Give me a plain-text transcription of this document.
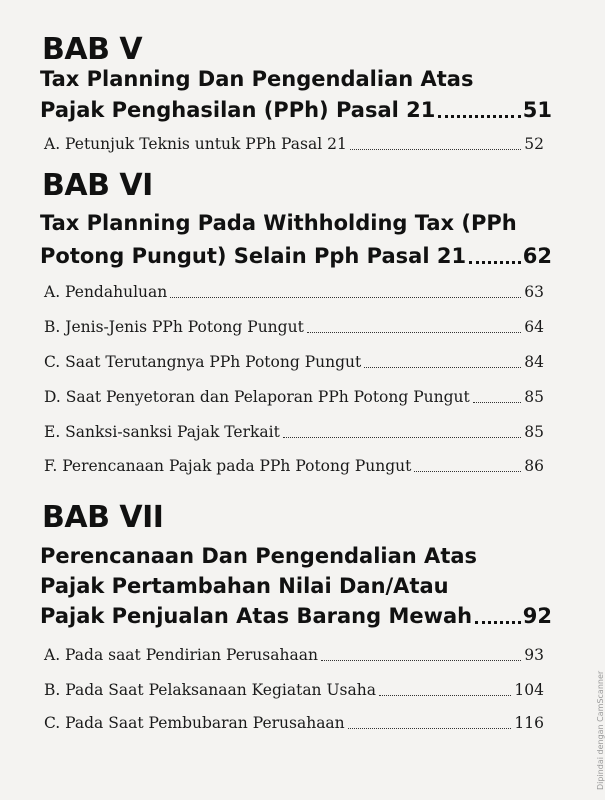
BAB V
Tax Planning Dan Pengendalian Atas
Pajak Penghasilan (PPh) Pasal 21	51
A. Petunjuk Teknis untuk PPh Pasal 21	52
BAB VI
Tax Planning Pada Withholding Tax (PPh
Potong Pungut) Selain Pph Pasal 21	62
A. Pendahuluan	63
B. Jenis-Jenis PPh Potong Pungut	64
C. Saat Terutangnya PPh Potong Pungut	84
D. Saat Penyetoran dan Pelaporan PPh Potong Pungut	85
E. Sanksi-sanksi Pajak Terkait	85
F. Perencanaan Pajak pada PPh Potong Pungut	86
BAB VII
Perencanaan Dan Pengendalian Atas
Pajak Pertambahan Nilai Dan/Atau
Pajak Penjualan Atas Barang Mewah 92
A. Pada saat Pendirian Perusahaan	93
B. Pada Saat Pelaksanaan Kegiatan Usaha	104
C. Pada Saat Pembubaran Perusahaan	116	Dipindai dengan CamScanner
